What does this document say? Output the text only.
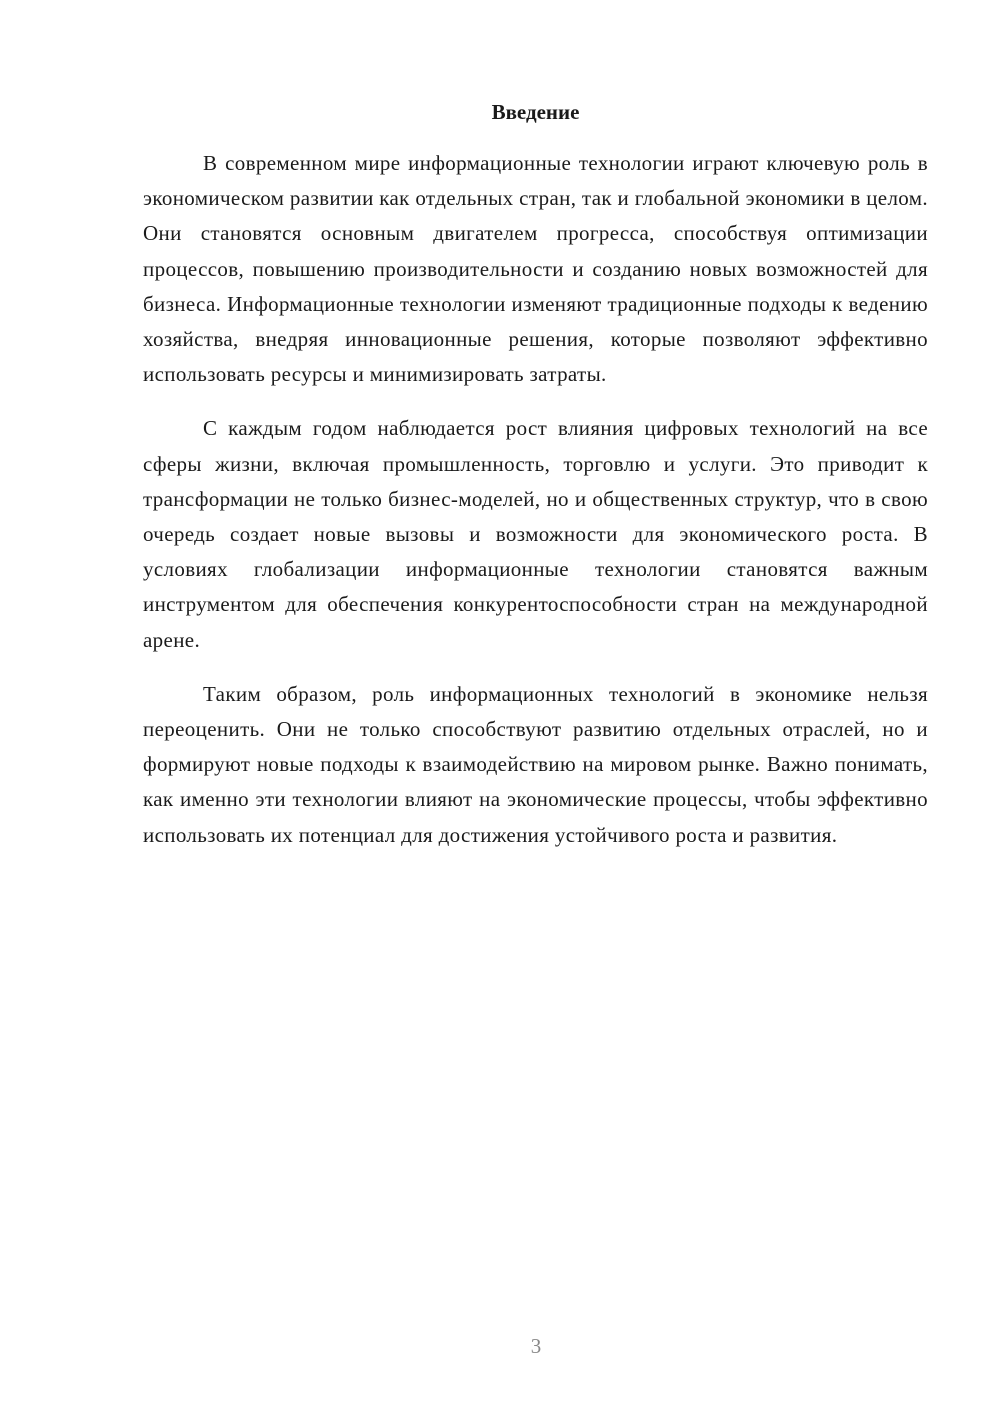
Введение

В современном мире информационные технологии играют ключевую роль в экономическом развитии как отдельных стран, так и глобальной экономики в целом. Они становятся основным двигателем прогресса, способствуя оптимизации процессов, повышению производительности и созданию новых возможностей для бизнеса. Информационные технологии изменяют традиционные подходы к ведению хозяйства, внедряя инновационные решения, которые позволяют эффективно использовать ресурсы и минимизировать затраты.

С каждым годом наблюдается рост влияния цифровых технологий на все сферы жизни, включая промышленность, торговлю и услуги. Это приводит к трансформации не только бизнес-моделей, но и общественных структур, что в свою очередь создает новые вызовы и возможности для экономического роста. В условиях глобализации информационные технологии становятся важным инструментом для обеспечения конкурентоспособности стран на международной арене.

Таким образом, роль информационных технологий в экономике нельзя переоценить. Они не только способствуют развитию отдельных отраслей, но и формируют новые подходы к взаимодействию на мировом рынке. Важно понимать, как именно эти технологии влияют на экономические процессы, чтобы эффективно использовать их потенциал для достижения устойчивого роста и развития.

3
